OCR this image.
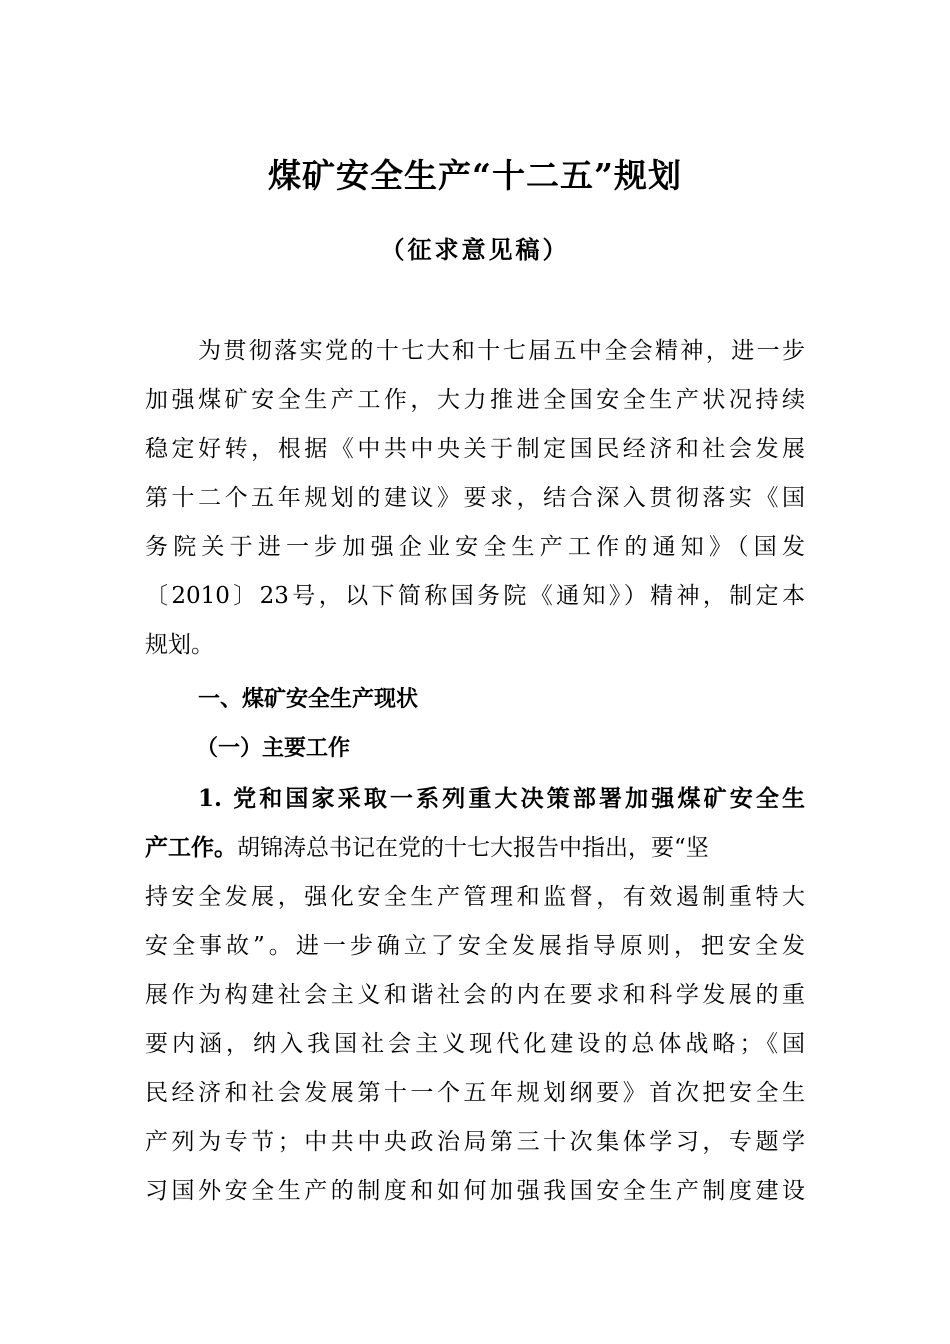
煤矿安全生产“十二五”规划
（征求意见稿）
为贯彻落实党的十七大和十七届五中全会精神，进一步
加强煤矿安全生产工作，大力推进全国安全生产状况持续
稳定好转，根据《中共中央关于制定国民经济和社会发展
第十二个五年规划的建议》要求，结合深入贯彻落实《国
务院关于进一步加强企业安全生产工作的通知》（国发
〔2010〕23号，以下简称国务院《通知》）精神，制定本
规划。
一、煤矿安全生产现状
（一）主要工作
1. 党和国家采取一系列重大决策部署加强煤矿安全生
产工作。胡锦涛总书记在党的十七大报告中指出，要“坚
持安全发展，强化安全生产管理和监督，有效遏制重特大
安全事故”。进一步确立了安全发展指导原则，把安全发
展作为构建社会主义和谐社会的内在要求和科学发展的重
要内涵，纳入我国社会主义现代化建设的总体战略；《国
民经济和社会发展第十一个五年规划纲要》首次把安全生
产列为专节；中共中央政治局第三十次集体学习，专题学
习国外安全生产的制度和如何加强我国安全生产制度建设
